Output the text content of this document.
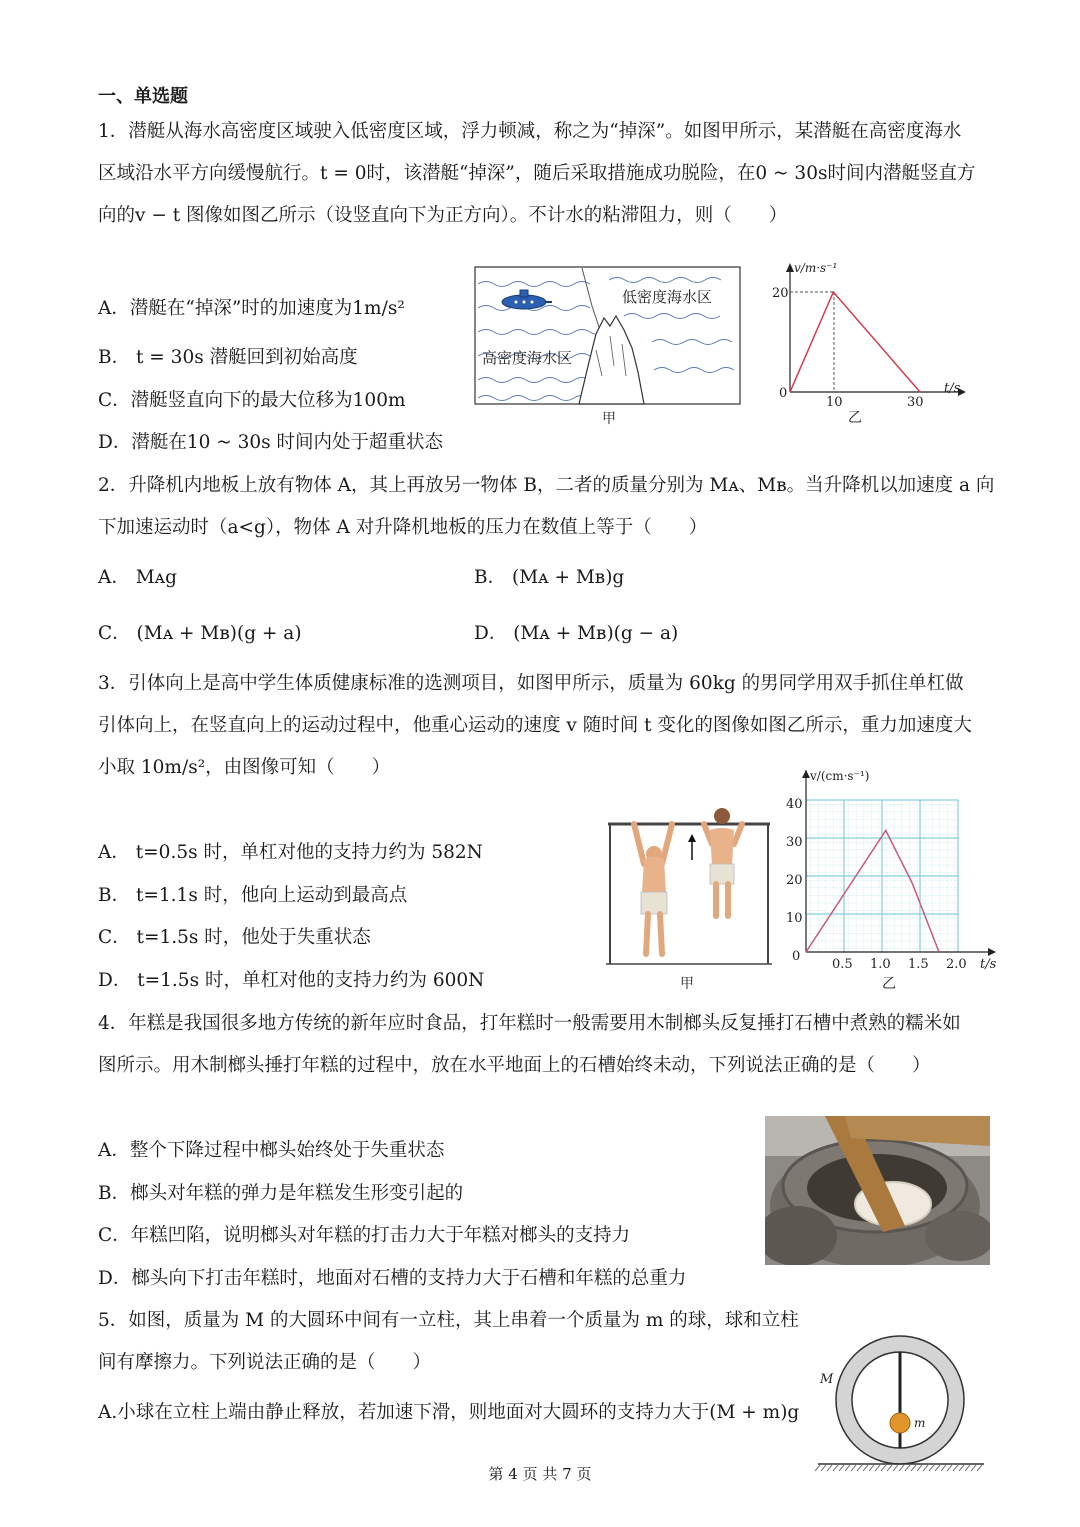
一、单选题
1．潜艇从海水高密度区域驶入低密度区域，浮力顿减，称之为“掉深”。如图甲所示，某潜艇在高密度海水
区域沿水平方向缓慢航行。t = 0时，该潜艇“掉深”，随后采取措施成功脱险，在0 ~ 30s时间内潜艇竖直方
向的v − t 图像如图乙所示（设竖直向下为正方向）。不计水的粘滞阻力，则（　　）
A．潜艇在“掉深”时的加速度为1m/s²
B． t = 30s 潜艇回到初始高度
C．潜艇竖直向下的最大位移为100m
D．潜艇在10 ~ 30s 时间内处于超重状态
低密度海水区
高密度海水区
甲
v/m·s⁻¹
t/s
20
0
10	30
乙
2．升降机内地板上放有物体 A，其上再放另一物体 B，二者的质量分别为 Mᴀ、Mʙ。当升降机以加速度 a 向
下加速运动时（a<g），物体 A 对升降机地板的压力在数值上等于（　　）
A． Mᴀg	B． (Mᴀ + Mʙ)g
C． (Mᴀ + Mʙ)(g + a)	D． (Mᴀ + Mʙ)(g − a)
3．引体向上是高中学生体质健康标准的选测项目，如图甲所示，质量为 60kg 的男同学用双手抓住单杠做
引体向上，在竖直向上的运动过程中，他重心运动的速度 v 随时间 t 变化的图像如图乙所示，重力加速度大
小取 10m/s²，由图像可知（　　）
A． t=0.5s 时，单杠对他的支持力约为 582N
B． t=1.1s 时，他向上运动到最高点
C． t=1.5s 时，他处于失重状态
D． t=1.5s 时，单杠对他的支持力约为 600N	甲
v/(cm·s⁻¹)
t/s
0
10
20
30
40
0.5 1.0 1.5 2.0
乙
4．年糕是我国很多地方传统的新年应时食品，打年糕时一般需要用木制榔头反复捶打石槽中煮熟的糯米如
图所示。用木制榔头捶打年糕的过程中，放在水平地面上的石槽始终未动，下列说法正确的是（　　）
A．整个下降过程中榔头始终处于失重状态
B．榔头对年糕的弹力是年糕发生形变引起的
C．年糕凹陷，说明榔头对年糕的打击力大于年糕对榔头的支持力
D．榔头向下打击年糕时，地面对石槽的支持力大于石槽和年糕的总重力
5．如图，质量为 M 的大圆环中间有一立柱，其上串着一个质量为 m 的球，球和立柱
间有摩擦力。下列说法正确的是（　　）
A.小球在立柱上端由静止释放，若加速下滑，则地面对大圆环的支持力大于(M + m)g
M
m
第 4 页 共 7 页
